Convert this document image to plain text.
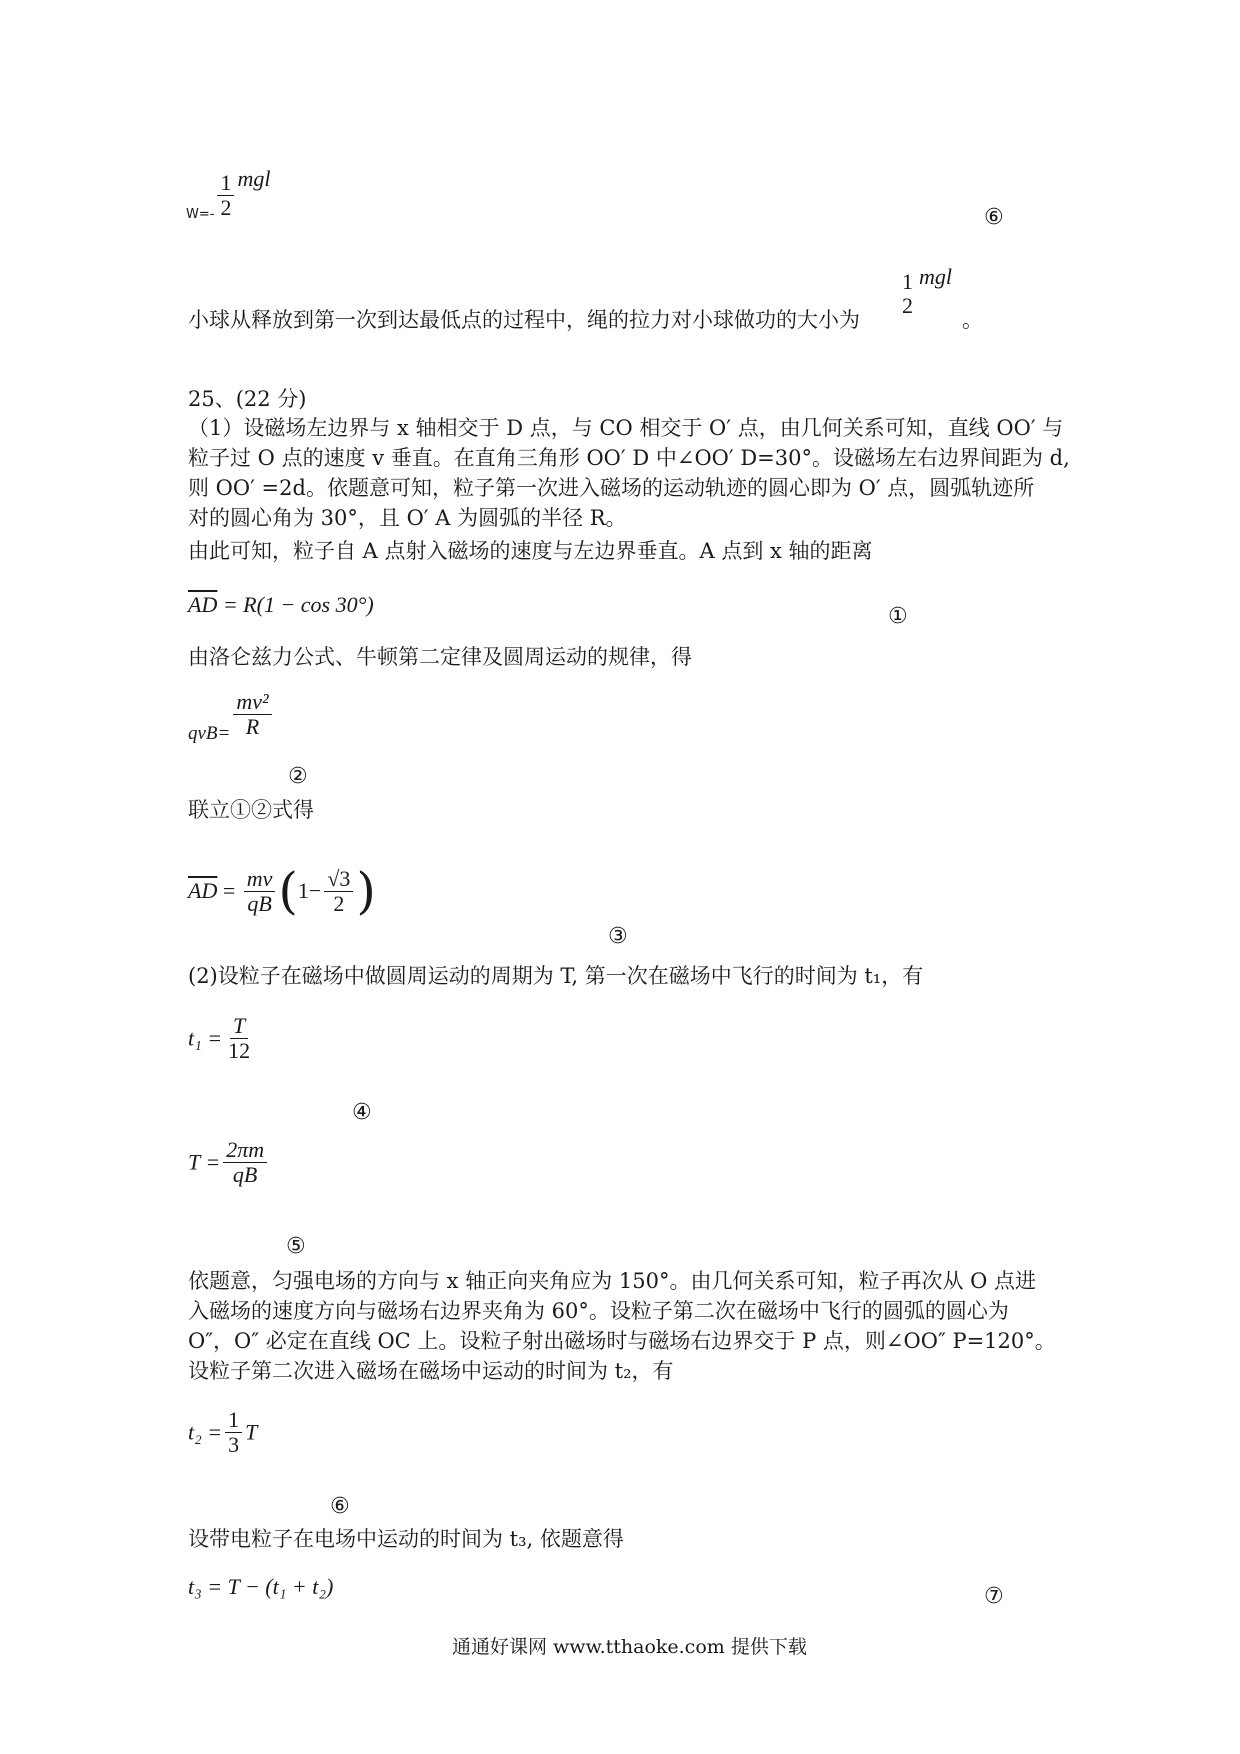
$_{W=-} \frac{1}{2}$ mgl
⑥
小球从释放到第一次到达最低点的过程中，绳的拉力对小球做功的大小为
1
2
mgl
。
25、(22 分)
（1）设磁场左边界与 x 轴相交于 D 点，与 CO 相交于 O′ 点，由几何关系可知，直线 OO′ 与
粒子过 O 点的速度 v 垂直。在直角三角形 OO′ D 中∠OO′ D=30°。设磁场左右边界间距为 d,
则 OO′ =2d。依题意可知，粒子第一次进入磁场的运动轨迹的圆心即为 O′ 点，圆弧轨迹所
对的圆心角为 30°，且 O′ A 为圆弧的半径 R。
由此可知，粒子自 A 点射入磁场的速度与左边界垂直。A 点到 x 轴的距离
$\overline{AD} = R(1 - \cos 30^\circ)$	①
由洛仑兹力公式、牛顿第二定律及圆周运动的规律，得
$qvB= \frac{\text{mv²}}{R}$
②
联立①②式得
$\overline{AD} = \frac{mv}{qB} (1- \frac{√3}{2}$ )
③
(2)设粒子在磁场中做圆周运动的周期为 T, 第一次在磁场中飞行的时间为 t₁，有
$t_1 = \frac{T}{12}$
④
$T = \frac{2\pi m}{qB}$
⑤
依题意，匀强电场的方向与 x 轴正向夹角应为 150°。由几何关系可知，粒子再次从 O 点进
入磁场的速度方向与磁场右边界夹角为 60°。设粒子第二次在磁场中飞行的圆弧的圆心为
O″，O″ 必定在直线 OC 上。设粒子射出磁场时与磁场右边界交于 P 点，则∠OO″ P=120°。
设粒子第二次进入磁场在磁场中运动的时间为 t₂，有
$t_2 = \frac{1}{3}$ T
⑥
设带电粒子在电场中运动的时间为 t₃, 依题意得
t₃ = T − (t₁ + t₂)	⑦
通通好课网 www.tthaoke.com 提供下载
